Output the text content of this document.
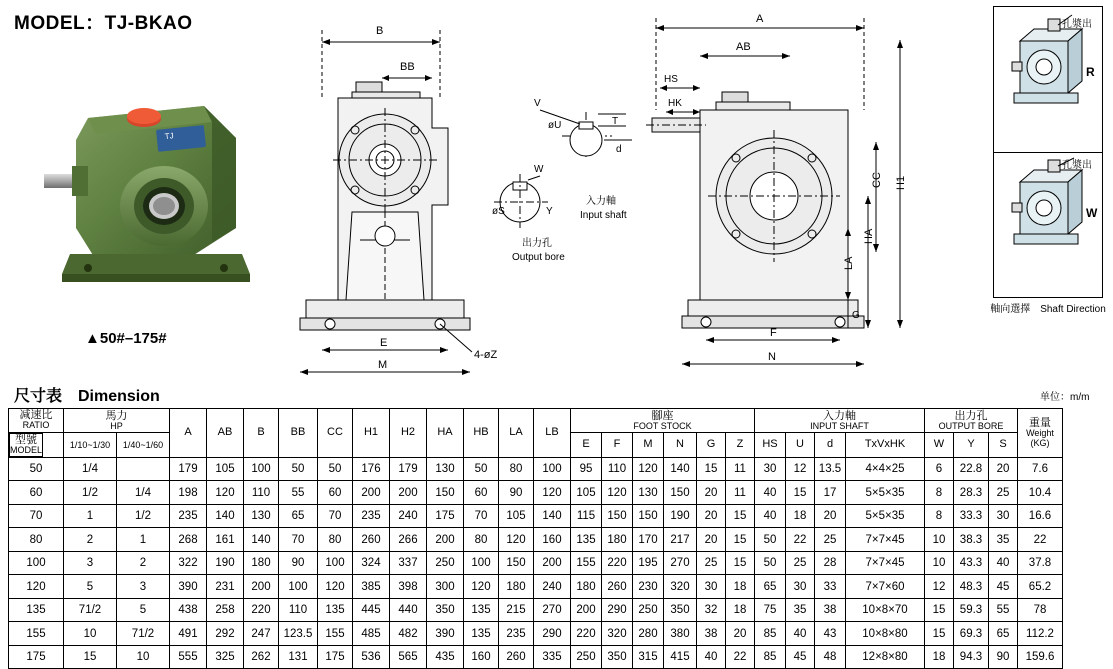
MODEL：TJ-BKAO
TJ
▲50#–175#
孔漿出
R
孔漿出
W
軸向選擇　Shaft Direction
B
BB
E
M
4-øZ
V
øU	T
d
入力軸
Input shaft
W
øS	Y
出力孔
Output bore
A
AB
HS
HK
H1
CC
HA
LA
G
F
N
尺寸表　Dimension	单位：m/m
减速比
RATIO
型號
MODEL

馬力
HP
	A	AB	B	BB	CC	H1	H2	HA	HB	LA	LB	
腳座
FOOT STOCK

入力軸
INPUT SHAFT

出力孔
OUTPUT BORE	重量
Weight
(KG)

	1/10~1/30	1/40~1/60												E	F	M	N	G	Z	HS	U	d	TxVxHK	W	Y	S	
50	1/4		179	105	100	50	50	176	179	130	50	80	100	95	110	120	140	15	11	30	12	13.5	4×4×25	6	22.8	20	7.6
60	1/2	1/4	198	120	110	55	60	200	200	150	60	90	120	105	120	130	150	20	11	40	15	17	5×5×35	8	28.3	25	10.4
70	1	1/2	235	140	130	65	70	235	240	175	70	105	140	115	150	150	190	20	15	40	18	20	5×5×35	8	33.3	30	16.6
80	2	1	268	161	140	70	80	260	266	200	80	120	160	135	180	170	217	20	15	50	22	25	7×7×45	10	38.3	35	22
100	3	2	322	190	180	90	100	324	337	250	100	150	200	155	220	195	270	25	15	50	25	28	7×7×45	10	43.3	40	37.8
120	5	3	390	231	200	100	120	385	398	300	120	180	240	180	260	230	320	30	18	65	30	33	7×7×60	12	48.3	45	65.2
135	71/2	5	438	258	220	110	135	445	440	350	135	215	270	200	290	250	350	32	18	75	35	38	10×8×70	15	59.3	55	78
155	10	71/2	491	292	247	123.5	155	485	482	390	135	235	290	220	320	280	380	38	20	85	40	43	10×8×80	15	69.3	65	112.2
175	15	10	555	325	262	131	175	536	565	435	160	260	335	250	350	315	415	40	22	85	45	48	12×8×80	18	94.3	90	159.6
